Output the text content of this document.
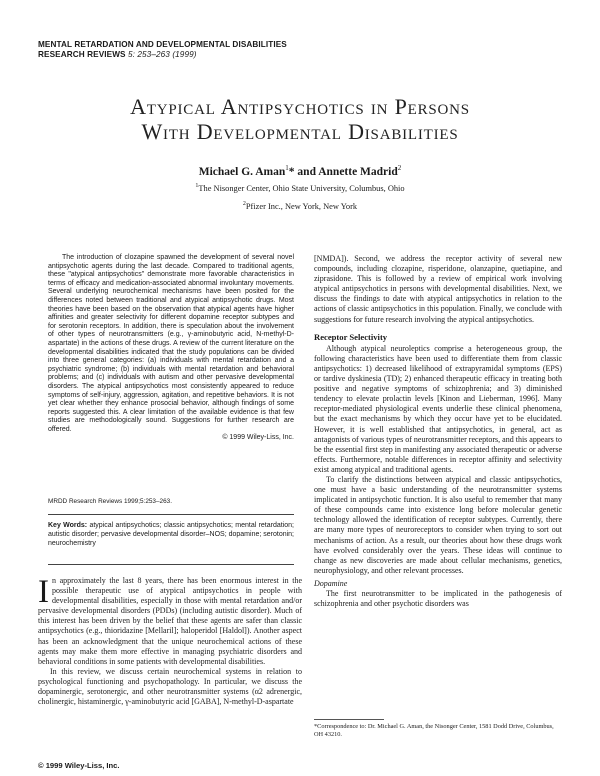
MENTAL RETARDATION AND DEVELOPMENTAL DISABILITIES
RESEARCH REVIEWS 5: 253–263 (1999)
Atypical Antipsychotics in Persons
With Developmental Disabilities
Michael G. Aman$^1$* and Annette Madrid$^2$
$^1$The Nisonger Center, Ohio State University, Columbus, Ohio
$^2$Pfizer Inc., New York, New York
The introduction of clozapine spawned the development of several novel antipsychotic agents during the last decade. Compared to traditional agents, these "atypical antipsychotics" demonstrate more favorable characteristics in terms of efficacy and medication-associated abnormal involuntary movements. Several underlying neurochemical mechanisms have been posited for the differences noted between traditional and atypical antipsychotic drugs. Most theories have been based on the observation that atypical agents have higher affinities and greater selectivity for different dopamine receptor subtypes and for serotonin receptors. In addition, there is speculation about the involvement of other types of neurotransmitters (e.g., γ-aminobutyric acid, N-methyl-D-aspartate) in the actions of these drugs. A review of the current literature on the developmental disabilities indicated that the study populations can be divided into three general categories: (a) individuals with mental retardation and a psychiatric syndrome; (b) individuals with mental retardation and behavioral problems; and (c) individuals with autism and other pervasive developmental disorders. The atypical antipsychotics most consistently appeared to reduce symptoms of self-injury, aggression, agitation, and repetitive behaviors. It is not yet clear whether they enhance prosocial behavior, although findings of some reports suggested this. A clear limitation of the available evidence is that few studies are methodologically sound. Suggestions for further research are offered.
© 1999 Wiley-Liss, Inc.
MRDD Research Reviews 1999;5:253–263.
Key Words: atypical antipsychotics; classic antipsychotics; mental retardation; autistic disorder; pervasive developmental disorder–NOS; dopamine; serotonin; neurochemistry

In approximately the last 8 years, there has been enormous interest in the possible therapeutic use of atypical antipsychotics in people with developmental disabilities, especially in those with mental retardation and/or pervasive developmental disorders (PDDs) (including autistic disorder). Much of this interest has been driven by the belief that these agents are safer than classic antipsychotics (e.g., thioridazine [Mellaril]; haloperidol [Haldol]). Another aspect has been an acknowledgment that the unique neurochemical actions of these agents may make them more effective in managing psychiatric disorders and behavioral conditions in some patients with developmental disabilities.

In this review, we discuss certain neurochemical systems in relation to psychological functioning and psychopathology. In particular, we discuss the dopaminergic, serotonergic, and other neurotransmitter systems (α2 adrenergic, cholinergic, histaminergic, γ-aminobutyric acid [GABA], N-methyl-D-aspartate

© 1999 Wiley-Liss, Inc.

[NMDA]). Second, we address the receptor activity of several new compounds, including clozapine, risperidone, olanzapine, quetiapine, and ziprasidone. This is followed by a review of empirical work involving atypical antipsychotics in persons with developmental disabilities. Next, we discuss the findings to date with atypical antipsychotics in relation to the actions of classic antipsychotics in this population. Finally, we conclude with suggestions for future research involving the atypical antipsychotics.

Receptor Selectivity

Although atypical neuroleptics comprise a heterogeneous group, the following characteristics have been used to differentiate them from classic antipsychotics: 1) decreased likelihood of extrapyramidal symptoms (EPS) or tardive dyskinesia (TD); 2) enhanced therapeutic efficacy in treating both positive and negative symptoms of schizophrenia; and 3) diminished tendency to elevate prolactin levels [Kinon and Lieberman, 1996]. Many receptor-mediated physiological events underlie these clinical phenomena, but the exact mechanisms by which they occur have yet to be elucidated. However, it is well established that antipsychotics, in general, act as antagonists of various types of neurotransmitter receptors, and this appears to be the essential first step in manifesting any associated therapeutic or adverse effects. Furthermore, notable differences in receptor affinity and selectivity exist among atypical and traditional agents.

To clarify the distinctions between atypical and classic antipsychotics, one must have a basic understanding of the neurotransmitter systems implicated in antipsychotic function. It is also useful to remember that many of these compounds came into existence long before molecular genetic technology allowed the identification of receptor subtypes. Currently, there are many more types of neuroreceptors to consider when trying to sort out mechanisms of action. As a result, our theories about how these drugs work have evolved considerably over the years. These ideas will continue to change as new discoveries are made about cellular mechanisms, genetics, neurophysiology, and other relevant processes.

Dopamine

The first neurotransmitter to be implicated in the pathogenesis of schizophrenia and other psychotic disorders was

*Correspondence to: Dr. Michael G. Aman, the Nisonger Center, 1581 Dodd Drive, Columbus, OH 43210.
